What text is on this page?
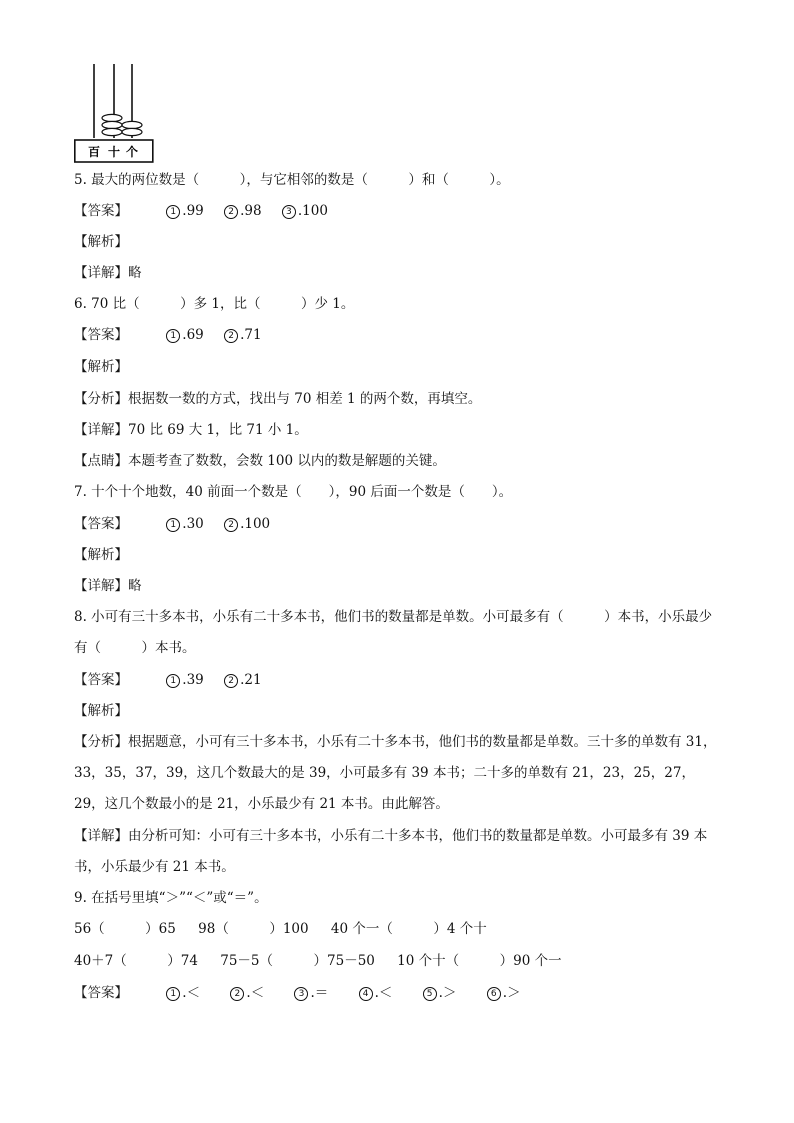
百 十 个
5. 最大的两位数是（　　　），与它相邻的数是（　　　）和（　　　）。
【答案】	1 .99	2 .98	3 .100
【解析】
【详解】略
6. 70 比（　　　）多 1，比（　　　）少 1。
【答案】	1 .69	2 .71
【解析】
【分析】根据数一数的方式，找出与 70 相差 1 的两个数，再填空。
【详解】70 比 69 大 1，比 71 小 1。
【点睛】本题考查了数数，会数 100 以内的数是解题的关键。
7. 十个十个地数，40 前面一个数是（　　），90 后面一个数是（　　）。
【答案】	1 .30	2 .100
【解析】
【详解】略
8. 小可有三十多本书，小乐有二十多本书，他们书的数量都是单数。小可最多有（　　　）本书，小乐最少有（　　　）本书。
【答案】	1 .39	2 .21
【解析】
【分析】根据题意，小可有三十多本书，小乐有二十多本书，他们书的数量都是单数。三十多的单数有 31，33，35，37，39，这几个数最大的是 39，小可最多有 39 本书；二十多的单数有 21，23，25，27，29，这几个数最小的是 21，小乐最少有 21 本书。由此解答。
【详解】由分析可知：小可有三十多本书，小乐有二十多本书，他们书的数量都是单数。小可最多有 39 本书，小乐最少有 21 本书。
9. 在括号里填“＞”“＜”或“＝”。
56（　　　）65 98（　　　）100 40 个一（　　　）4 个十
40＋7（　　　）74 75－5（　　　）75－50 10 个十（　　　）90 个一
【答案】	1 .＜	2 .＜	3 .＝	4 .＜	5 .＞	6 .＞
